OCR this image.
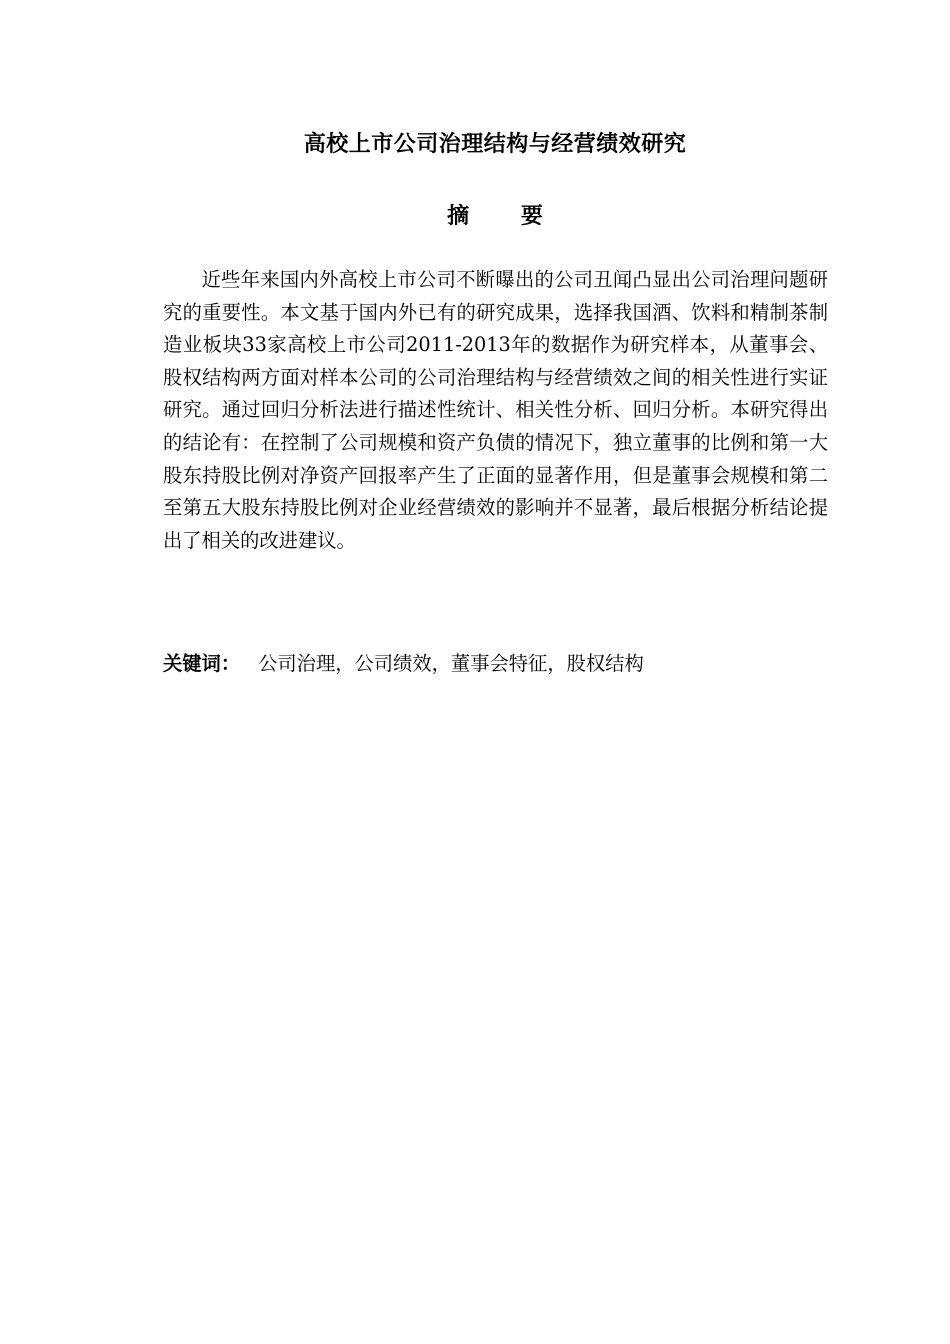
高校上市公司治理结构与经营绩效研究
摘 要

近些年来国内外高校上市公司不断曝出的公司丑闻凸显出公司治理问题研究的重要性。本文基于国内外已有的研究成果，选择我国酒、饮料和精制茶制造业板块33家高校上市公司2011-2013年的数据作为研究样本，从董事会、股权结构两方面对样本公司的公司治理结构与经营绩效之间的相关性进行实证研究。通过回归分析法进行描述性统计、相关性分析、回归分析。本研究得出的结论有：在控制了公司规模和资产负债的情况下，独立董事的比例和第一大股东持股比例对净资产回报率产生了正面的显著作用，但是董事会规模和第二至第五大股东持股比例对企业经营绩效的影响并不显著，最后根据分析结论提出了相关的改进建议。

关键词： 公司治理，公司绩效，董事会特征，股权结构
